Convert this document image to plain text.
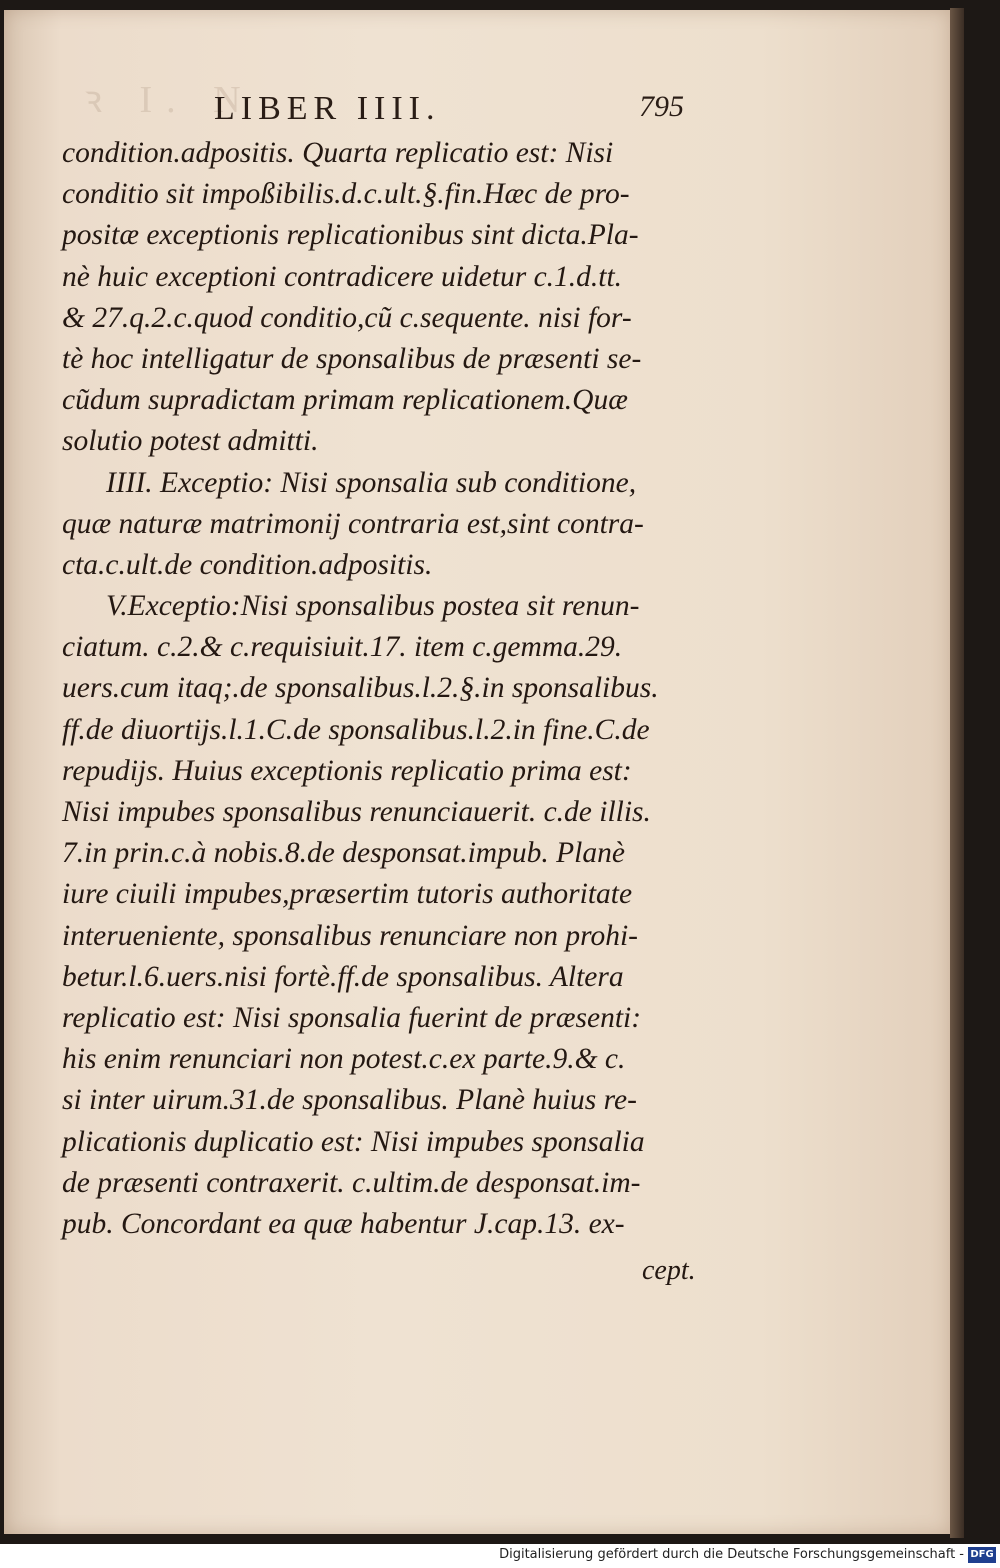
ꝛ I. N
LIBER IIII.	795
condition.adpositis. Quarta replicatio est: Nisi
conditio sit impoßibilis.d.c.ult.§.fin.Hæc de pro-
positæ exceptionis replicationibus sint dicta.Pla-
nè huic exceptioni contradicere uidetur c.1.d.tt.
& 27.q.2.c.quod conditio,cũ c.sequente. nisi for-
tè hoc intelligatur de sponsalibus de præsenti se-
cũdum supradictam primam replicationem.Quæ
solutio potest admitti.
IIII. Exceptio: Nisi sponsalia sub conditione,
quæ naturæ matrimonij contraria est,sint contra-
cta.c.ult.de condition.adpositis.
V.Exceptio:Nisi sponsalibus postea sit renun-
ciatum. c.2.& c.requisiuit.17. item c.gemma.29.
uers.cum itaq;.de sponsalibus.l.2.§.in sponsalibus.
ff.de diuortijs.l.1.C.de sponsalibus.l.2.in fine.C.de
repudijs. Huius exceptionis replicatio prima est:
Nisi impubes sponsalibus renunciauerit. c.de illis.
7.in prin.c.à nobis.8.de desponsat.impub. Planè
iure ciuili impubes,præsertim tutoris authoritate
interueniente, sponsalibus renunciare non prohi-
betur.l.6.uers.nisi fortè.ff.de sponsalibus. Altera
replicatio est: Nisi sponsalia fuerint de præsenti:
his enim renunciari non potest.c.ex parte.9.& c.
si inter uirum.31.de sponsalibus. Planè huius re-
plicationis duplicatio est: Nisi impubes sponsalia
de præsenti contraxerit. c.ultim.de desponsat.im-
pub. Concordant ea quæ habentur J.cap.13. ex-
cept.
Digitalisierung gefördert durch die Deutsche Forschungsgemeinschaft - DFG
